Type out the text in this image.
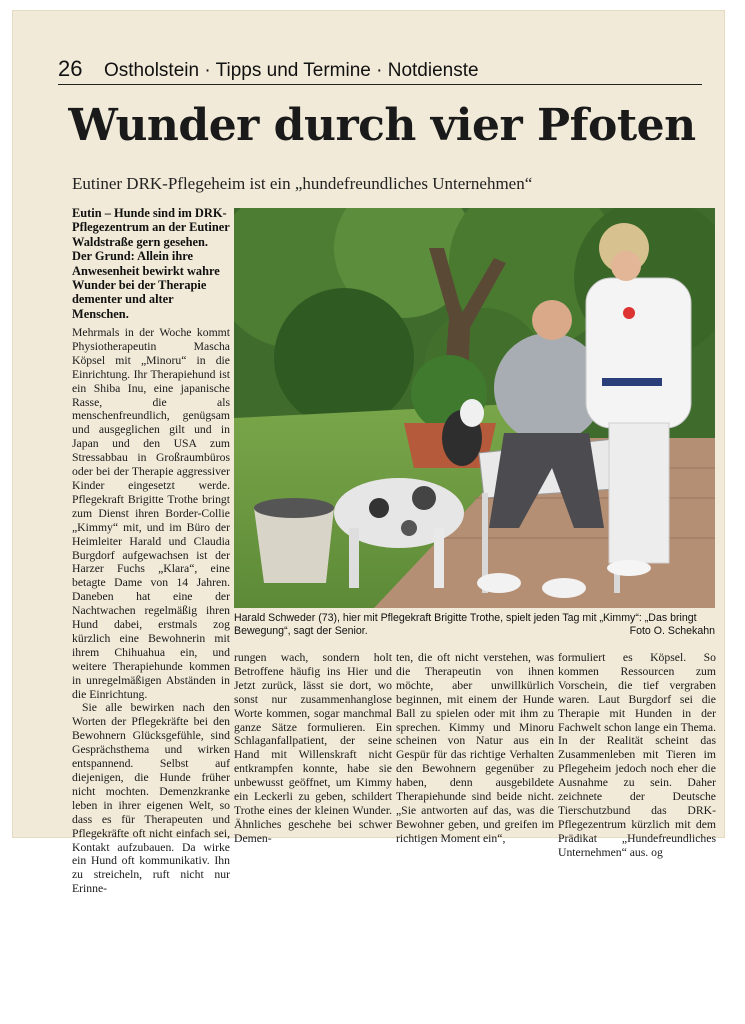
26 Ostholstein · Tipps und Termine · Notdienste
Wunder durch vier Pfoten
Eutiner DRK-Pflegeheim ist ein „hundefreundliches Unternehmen“
Eutin – Hunde sind im DRK-Pflegezentrum an der Eutiner Waldstraße gern gesehen. Der Grund: Allein ihre Anwesenheit bewirkt wahre Wunder bei der Therapie dementer und alter Menschen.

Mehrmals in der Woche kommt Physiotherapeutin Mascha Köpsel mit „Minoru“ in die Einrichtung. Ihr Therapiehund ist ein Shiba Inu, eine japanische Rasse, die als menschenfreundlich, genügsam und ausgeglichen gilt und in Japan und den USA zum Stressabbau in Großraumbüros oder bei der Therapie aggressiver Kinder eingesetzt werde. Pflegekraft Brigitte Trothe bringt zum Dienst ihren Border-Collie „Kimmy“ mit, und im Büro der Heimleiter Harald und Claudia Burgdorf aufgewachsen ist der Harzer Fuchs „Klara“, eine betagte Dame von 14 Jahren. Daneben hat eine der Nachtwachen regelmäßig ihren Hund dabei, erstmals zog kürzlich eine Bewohnerin mit ihrem Chihuahua ein, und weitere Therapiehunde kommen in unregelmäßigen Abständen in die Einrichtung.

Sie alle bewirken nach den Worten der Pflegekräfte bei den Bewohnern Glücksgefühle, sind Gesprächsthema und wirken entspannend. Selbst auf diejenigen, die Hunde früher nicht mochten. Demenzkranke leben in ihrer eigenen Welt, so dass es für Therapeuten und Pflegekräfte oft nicht einfach sei, Kontakt aufzubauen. Da wirke ein Hund oft kommunikativ. Ihn zu streicheln, ruft nicht nur Erinne-

Harald Schweder (73), hier mit Pflegekraft Brigitte Trothe, spielt jeden Tag mit „Kimmy“: „Das bringt Bewegung“, sagt der Senior.	Foto O. Schekahn

rungen wach, sondern holt Betroffene häufig ins Hier und Jetzt zurück, lässt sie dort, wo sonst nur zusammenhanglose Worte kommen, sogar manchmal ganze Sätze formulieren. Ein Schlaganfallpatient, der seine Hand mit Willenskraft nicht entkrampfen konnte, habe sie unbewusst geöffnet, um Kimmy ein Leckerli zu geben, schildert Trothe eines der kleinen Wunder. Ähnliches geschehe bei schwer Demen-

ten, die oft nicht verstehen, was die Therapeutin von ihnen möchte, aber unwillkürlich beginnen, mit einem der Hunde Ball zu spielen oder mit ihm zu sprechen. Kimmy und Minoru scheinen von Natur aus ein Gespür für das richtige Verhalten den Bewohnern gegenüber zu haben, denn ausgebildete Therapiehunde sind beide nicht. „Sie antworten auf das, was die Bewohner geben, und greifen im richtigen Moment ein“,

formuliert es Köpsel. So kommen Ressourcen zum Vorschein, die tief vergraben waren. Laut Burgdorf sei die Therapie mit Hunden in der Fachwelt schon lange ein Thema. In der Realität scheint das Zusammenleben mit Tieren im Pflegeheim jedoch noch eher die Ausnahme zu sein. Daher zeichnete der Deutsche Tierschutzbund das DRK-Pflegezentrum kürzlich mit dem Prädikat „Hundefreundliches Unternehmen“ aus. og
